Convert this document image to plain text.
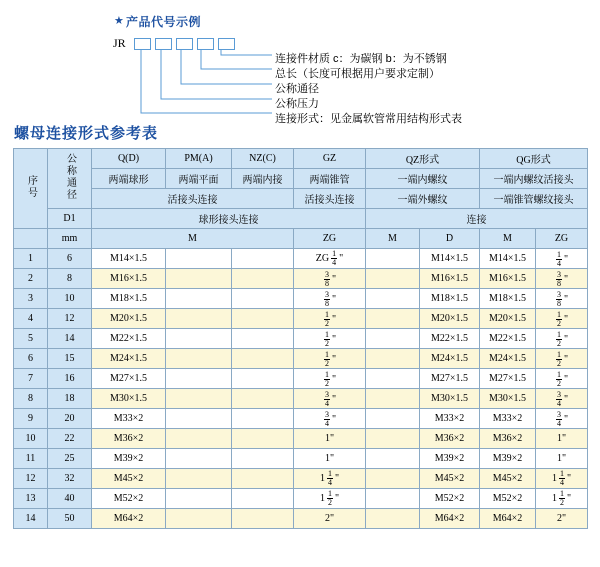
★ 产品代号示例
JR
连接件材质 c：为碳钢 b：为不锈钢
总长（长度可根据用户要求定制）
公称通径
公称压力
连接形式：见金属软管常用结构形式表
螺母连接形式参考表
序号	公称通径	Q(D)	PM(A)	NZ(C)	GZ	QZ形式		QG形式	
		两端球形	两端平面	两端内接	两端锥管	一端内螺纹		一端内螺纹活接头	
		活接头连接			活接头连接	一端外螺纹		一端锥管螺纹接头	
	D1	球形接头连接				连接			
	mm	M			ZG	M	D	M	ZG
1	6	M14×1.5			ZG $\frac{1}{4}$ "		M14×1.5	M14×1.5	$\frac{1}{4}$ "

2	8	M16×1.5			$\frac{3}{8}$ "		M16×1.5	M16×1.5	$\frac{3}{8}$ "

3	10	M18×1.5			$\frac{3}{8}$ "		M18×1.5	M18×1.5	$\frac{3}{8}$ "

4	12	M20×1.5			$\frac{1}{2}$ "		M20×1.5	M20×1.5	$\frac{1}{2}$ "

5	14	M22×1.5			$\frac{1}{2}$ "		M22×1.5	M22×1.5	$\frac{1}{2}$ "

6	15	M24×1.5			$\frac{1}{2}$ "		M24×1.5	M24×1.5	$\frac{1}{2}$ "

7	16	M27×1.5			$\frac{1}{2}$ "		M27×1.5	M27×1.5	$\frac{1}{2}$ "

8	18	M30×1.5			$\frac{3}{4}$ "		M30×1.5	M30×1.5	$\frac{3}{4}$ "

9	20	M33×2			$\frac{3}{4}$ "		M33×2	M33×2	$\frac{3}{4}$ "

10	22	M36×2			1"		M36×2	M36×2	1"
11	25	M39×2			1"		M39×2	M39×2	1"
12	32	M45×2			$1 \frac{1}{4}$ "		M45×2	M45×2	$1 \frac{1}{4}$ "

13	40	M52×2			$1 \frac{1}{2}$ "		M52×2	M52×2	$1 \frac{1}{2}$ "

14	50	M64×2			2"		M64×2	M64×2	2"
